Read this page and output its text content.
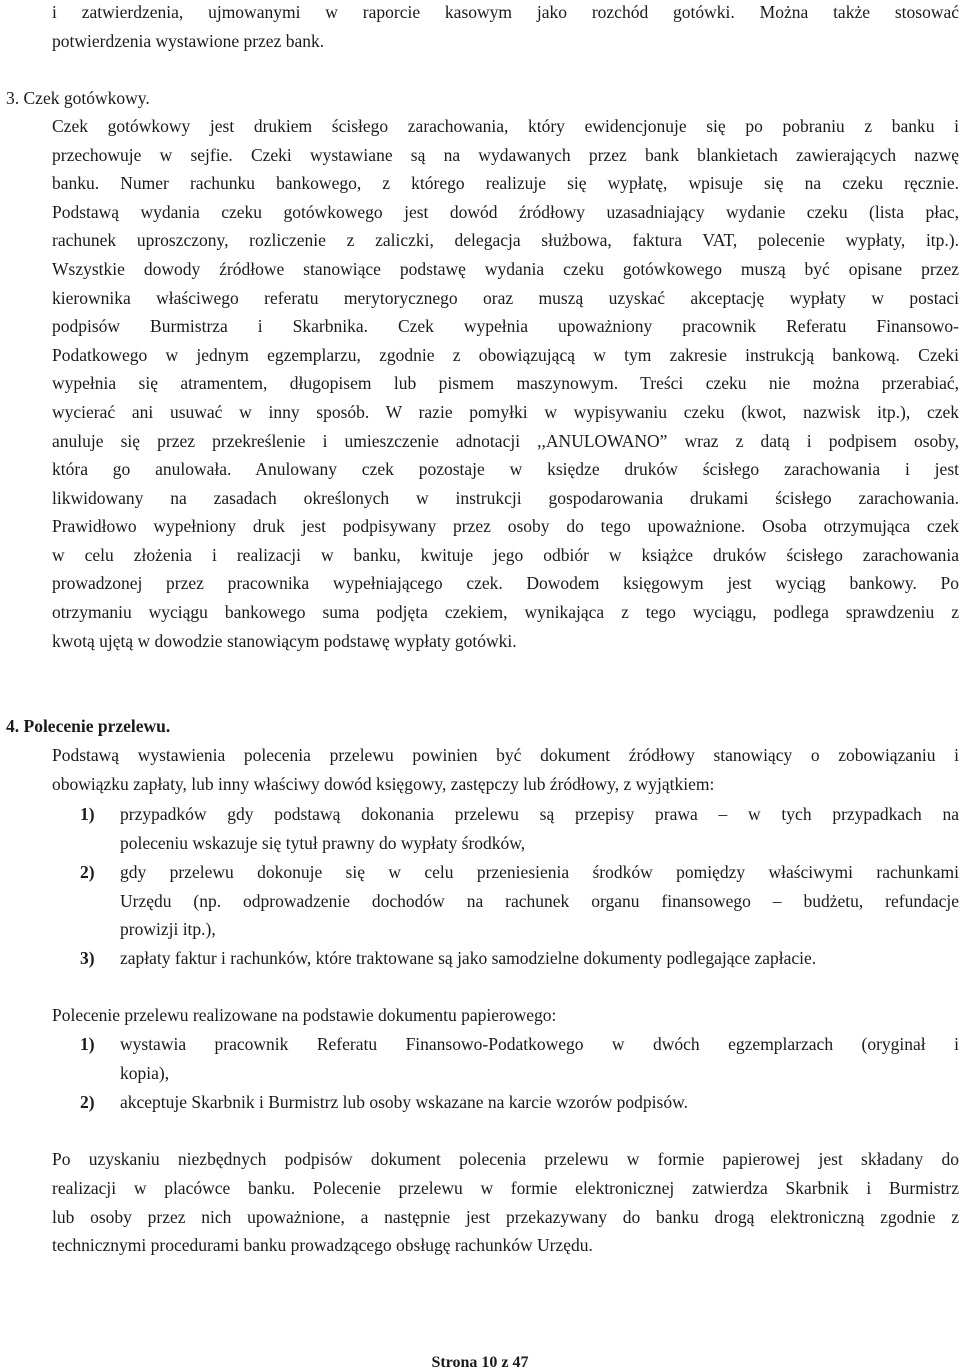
i zatwierdzenia, ujmowanymi w raporcie kasowym jako rozchód gotówki. Można także stosować
potwierdzenia wystawione przez bank.
3. Czek gotówkowy.
Czek gotówkowy jest drukiem ścisłego zarachowania, który ewidencjonuje się po pobraniu z banku i
przechowuje w sejfie. Czeki wystawiane są na wydawanych przez bank blankietach zawierających nazwę
banku. Numer rachunku bankowego, z którego realizuje się wypłatę, wpisuje się na czeku ręcznie.
Podstawą wydania czeku gotówkowego jest dowód źródłowy uzasadniający wydanie czeku (lista płac,
rachunek uproszczony, rozliczenie z zaliczki, delegacja służbowa, faktura VAT, polecenie wypłaty, itp.).
Wszystkie dowody źródłowe stanowiące podstawę wydania czeku gotówkowego muszą być opisane przez
kierownika właściwego referatu merytorycznego oraz muszą uzyskać akceptację wypłaty w postaci
podpisów Burmistrza i Skarbnika. Czek wypełnia upoważniony pracownik Referatu Finansowo-
Podatkowego w jednym egzemplarzu, zgodnie z obowiązującą w tym zakresie instrukcją bankową. Czeki
wypełnia się atramentem, długopisem lub pismem maszynowym. Treści czeku nie można przerabiać,
wycierać ani usuwać w inny sposób. W razie pomyłki w wypisywaniu czeku (kwot, nazwisk itp.), czek
anuluje się przez przekreślenie i umieszczenie adnotacji ,,ANULOWANO” wraz z datą i podpisem osoby,
która go anulowała. Anulowany czek pozostaje w księdze druków ścisłego zarachowania i jest
likwidowany na zasadach określonych w instrukcji gospodarowania drukami ścisłego zarachowania.
Prawidłowo wypełniony druk jest podpisywany przez osoby do tego upoważnione. Osoba otrzymująca czek
w celu złożenia i realizacji w banku, kwituje jego odbiór w książce druków ścisłego zarachowania
prowadzonej przez pracownika wypełniającego czek. Dowodem księgowym jest wyciąg bankowy. Po
otrzymaniu wyciągu bankowego suma podjęta czekiem, wynikająca z tego wyciągu, podlega sprawdzeniu z
kwotą ujętą w dowodzie stanowiącym podstawę wypłaty gotówki.
4. Polecenie przelewu.
Podstawą wystawienia polecenia przelewu powinien być dokument źródłowy stanowiący o zobowiązaniu i
obowiązku zapłaty, lub inny właściwy dowód księgowy, zastępczy lub źródłowy, z wyjątkiem:
1) przypadków gdy podstawą dokonania przelewu są przepisy prawa – w tych przypadkach na
poleceniu wskazuje się tytuł prawny do wypłaty środków,
2) gdy przelewu dokonuje się w celu przeniesienia środków pomiędzy właściwymi rachunkami
Urzędu (np. odprowadzenie dochodów na rachunek organu finansowego – budżetu, refundacje
prowizji itp.),
3) zapłaty faktur i rachunków, które traktowane są jako samodzielne dokumenty podlegające zapłacie.
Polecenie przelewu realizowane na podstawie dokumentu papierowego:
1) wystawia pracownik Referatu Finansowo-Podatkowego w dwóch egzemplarzach (oryginał i
kopia),
2) akceptuje Skarbnik i Burmistrz lub osoby wskazane na karcie wzorów podpisów.
Po uzyskaniu niezbędnych podpisów dokument polecenia przelewu w formie papierowej jest składany do
realizacji w placówce banku. Polecenie przelewu w formie elektronicznej zatwierdza Skarbnik i Burmistrz
lub osoby przez nich upoważnione, a następnie jest przekazywany do banku drogą elektroniczną zgodnie z
technicznymi procedurami banku prowadzącego obsługę rachunków Urzędu.
Strona 10 z 47
